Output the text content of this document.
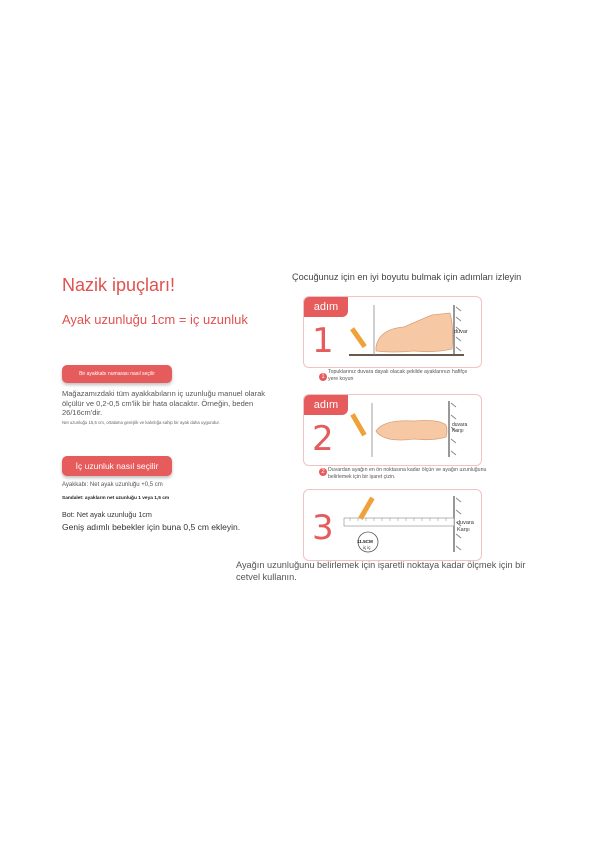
Nazik ipuçları!
Ayak uzunluğu 1cm = iç uzunluk
Bir ayakkabı numarası nasıl seçilir
Mağazamızdaki tüm ayakkabıların iç uzunluğu manuel olarak ölçülür ve 0,2-0,5 cm'lik bir hata olacaktır. Örneğin, beden 26/16cm'dir.
Net uzunluğu 15,5 cm, ortalama genişlik ve kalınlığa sahip bir ayak daha uygundur.
İç uzunluk nasıl seçilir
Ayakkabı: Net ayak uzunluğu +0,5 cm
Sandalet: ayakların net uzunluğu 1 veya 1,5 cm
Bot: Net ayak uzunluğu 1cm
Geniş adımlı bebekler için buna 0,5 cm ekleyin.
Çocuğunuz için en iyi boyutu bulmak için adımları izleyin
adım
1	duvar
1
Topuklarınız duvara dayalı olacak şekilde ayaklarınızı hafifçe yere koyun
adım
2	duvara Karşı
2 Duvardan ayağın en ön noktasına kadar ölçün ve ayağın uzunluğunu belirlemek için bir işaret çizin.
3	11.5CM
iç iç
duvara Karşı
Ayağın uzunluğunu belirlemek için işaretli noktaya kadar ölçmek için bir cetvel kullanın.
